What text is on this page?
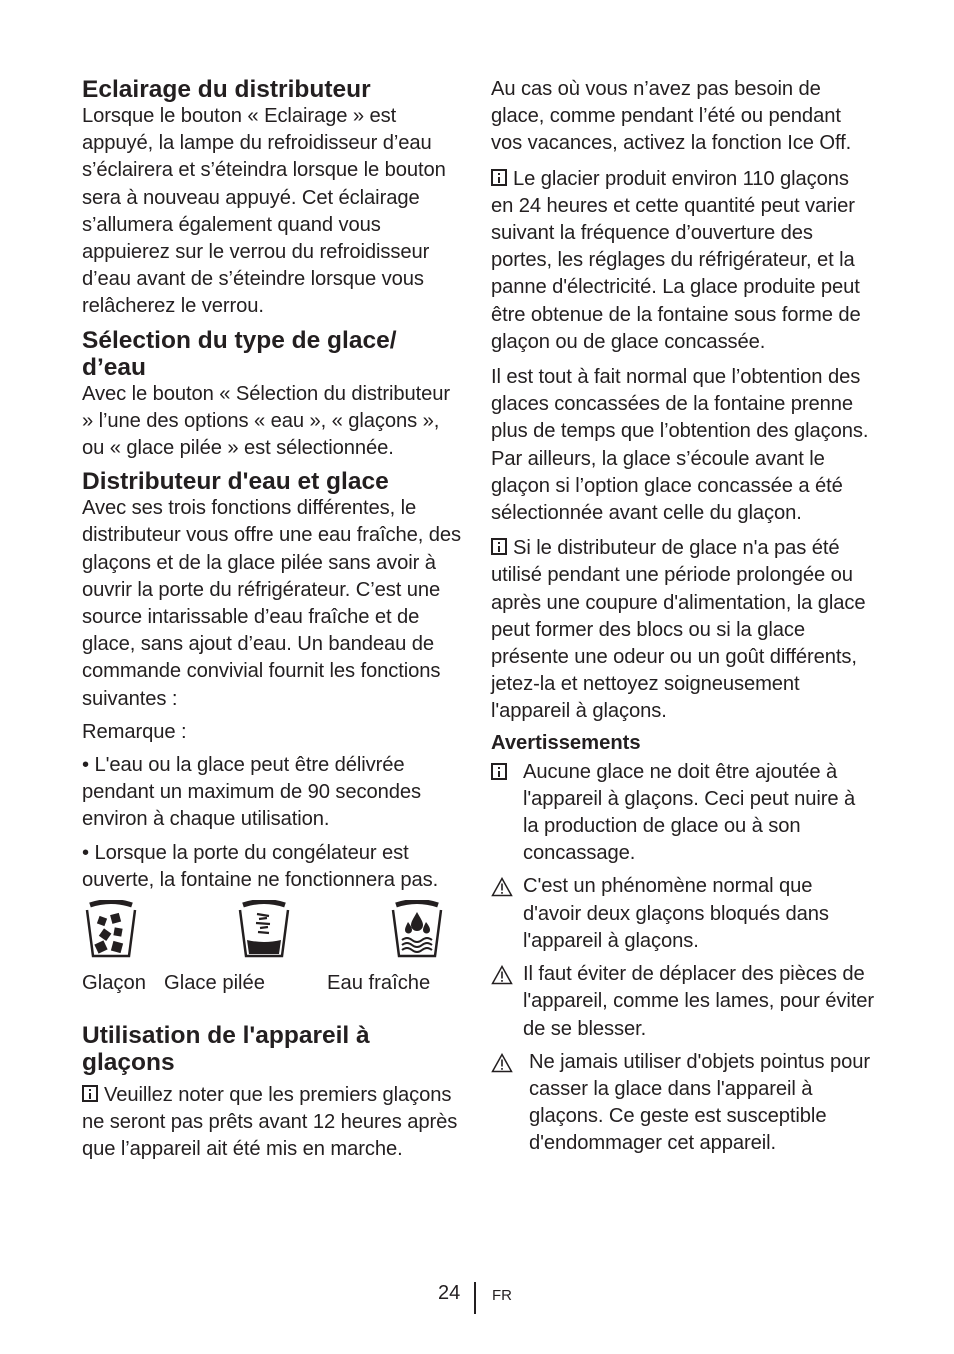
Eclairage du distributeur

Lorsque le bouton « Eclairage » est appuyé, la lampe du refroidisseur d’eau s’éclairera et s’éteindra lorsque le bouton sera à nouveau appuyé. Cet éclairage s’allumera également quand vous appuierez sur le verrou du refroidisseur d’eau avant de s’éteindre lorsque vous relâcherez le verrou.

Sélection du type de glace/ d’eau

Avec le bouton « Sélection du distributeur » l’une des options « eau », « glaçons », ou « glace pilée » est sélectionnée.

Distributeur d'eau et glace

Avec ses trois fonctions différentes, le distributeur vous offre une eau fraîche, des glaçons et de la glace pilée sans avoir à ouvrir la porte du réfrigérateur. C’est une source intarissable d’eau fraîche et de glace, sans ajout d’eau. Un bandeau de commande convivial fournit les fonctions suivantes :

Remarque :

• L'eau ou la glace peut être délivrée pendant un maximum de 90 secondes environ à chaque utilisation.

• Lorsque la porte du congélateur est ouverte, la fontaine ne fonctionnera pas.

Glaçon Glace pilée	Eau fraîche
Utilisation de l'appareil à glaçons

Veuillez noter que les premiers glaçons ne seront pas prêts avant 12 heures après que l’appareil ait été mis en marche.

Au cas où vous n’avez pas besoin de glace, comme pendant l’été ou pendant vos vacances, activez la fonction Ice Off.

Le glacier produit environ 110 glaçons en 24 heures et cette quantité peut varier suivant la fréquence d’ouverture des portes, les réglages du réfrigérateur, et la panne d'électricité. La glace produite peut être obtenue de la fontaine sous forme de glaçon ou de glace concassée.

Il est tout à fait normal que l’obtention des glaces concassées de la fontaine prenne plus de temps que l’obtention des glaçons. Par ailleurs, la glace s’écoule avant le glaçon si l’option glace concassée a été sélectionnée avant celle du glaçon.

Si le distributeur de glace n'a pas été utilisé pendant une période prolongée ou après une coupure d'alimentation, la glace peut former des blocs ou si la glace présente une odeur ou un goût différents, jetez-la et nettoyez soigneusement l'appareil à glaçons.

Avertissements

Aucune glace ne doit être ajoutée à l'appareil à glaçons. Ceci peut nuire à la production de glace ou à son concassage.

C'est un phénomène normal que d'avoir deux glaçons bloqués dans l'appareil à glaçons.

Il faut éviter de déplacer des pièces de l'appareil, comme les lames, pour éviter de se blesser.

Ne jamais utiliser d'objets pointus pour casser la glace dans l'appareil à glaçons. Ce geste est susceptible d'endommager cet appareil.

24 FR
